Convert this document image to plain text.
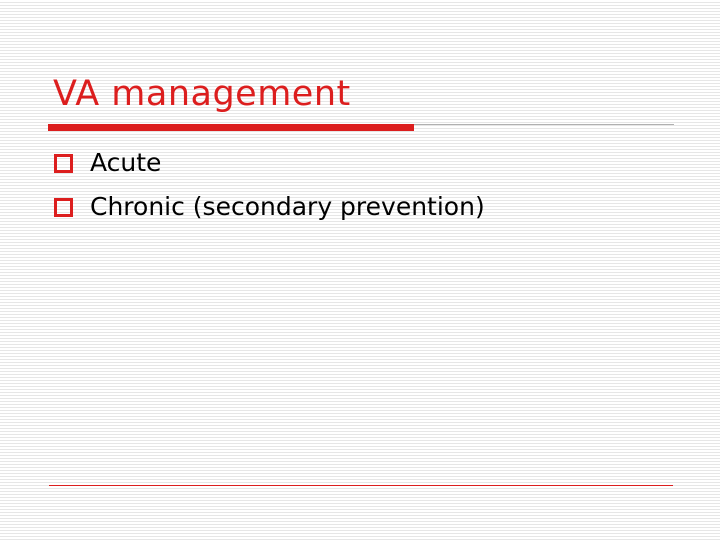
VA management
Acute
Chronic (secondary prevention)
